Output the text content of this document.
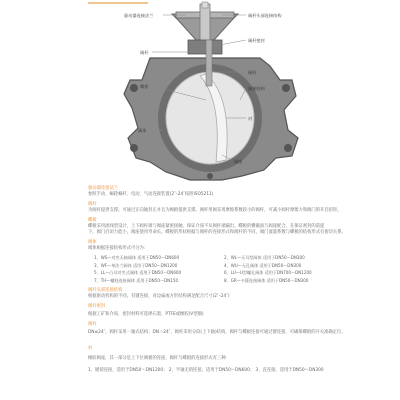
驱动器连接法兰	阀杆头部连接结构
阀杆
阀杆密封
阀杆
蝶板	阀座结构
衬
阀体
阀座
驱动器连接法兰
参照手动、蜗轮蜗杆、电动、气动连接装置(2″–24″按照ISO5211)
阀杆
为阀杆提供支撑。可通过正向轴封正并且为阀板提供支撑。阀杆用阀采用摩擦系数较小的阀杆，可减小阀杆摩擦力和阀门的开启扭矩。
蝶板
蝶板采用流线型设计，上下阀杆端与阀座紧密接触，保证介质不从阀杆端漏出。蝶板的横截面与阀座配合，在保证密封的前提
下，阀门启闭力能小，阀座使用寿命长。蝶板的形状根据与阀杆的连接形式和阀杆的不同，阀门流量系数与蝶板的结构形式有密切关系。
阀体
阀体根据连接结构形式可分为：
1、WS—对夹无轴阀体 适用于DN50～DN600	2、WL—无耳型阀体 适用于DN50～DN300
3、WF—单法兰阀体 适用于DN50～DN1200	4、WU—无孔阀体 适用于DN50～DN300
5、LL—凸耳对夹式阀体 适用于DN50～DN600	6、LU—U型螺孔阀体 适用于DN700～DN1200
7、TH—螺栓连接阀体 适用于DN50～DN150	8、GR—卡箍连接阀体 适用于DN50～DN300
阀杆头部连接结构
根据驱动机构的不同，有键连接、对边扁或方形结构满足配合尺寸(2″–24″)
阀杆密封
根据工矿和介质，密封材料可选择石墨、PTFE或橡胶(V型圈)
阀杆
DN≤24″，阀杆采用一轴式结构；DN＞24″，阀杆采用分段(上下轴)结构，阀杆与蝶板连接可通过键连接，可确保蝶板的开关准确定位。
衬
橡胶阀座，其一部分是上下位阀板的连座，阀杆与蝶板的连接形式有三种：
1、键销连接，适用于DN50～DN1200； 2、半轴无销连接，适用于DN50～DN600； 3、直连接，适用于DN50～DN300
